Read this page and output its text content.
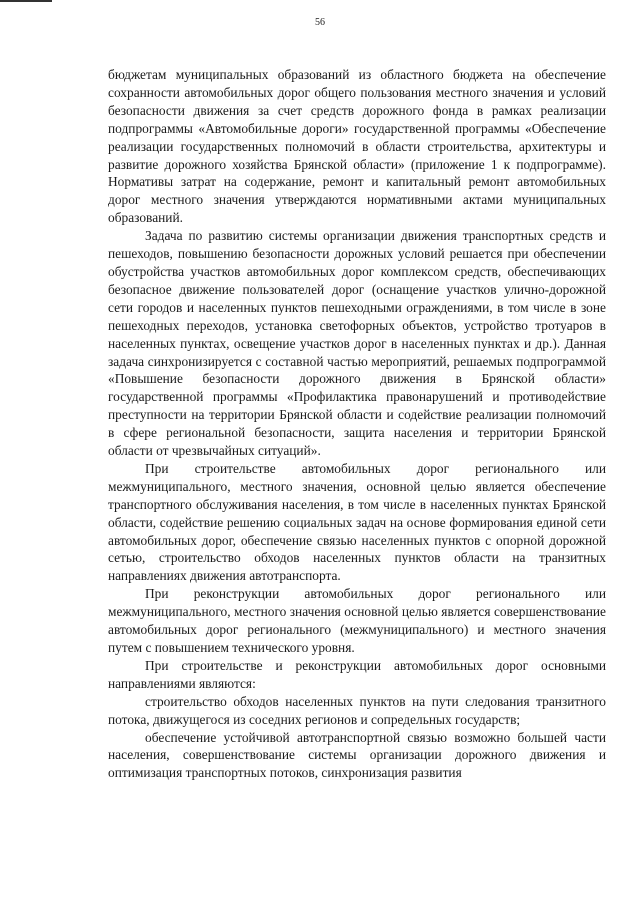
56

бюджетам муниципальных образований из областного бюджета на обеспечение сохранности автомобильных дорог общего пользования местного значения и условий безопасности движения за счет средств дорожного фонда в рамках реализации подпрограммы «Автомобильные дороги» государственной программы «Обеспечение реализации государственных полномочий в области строительства, архитектуры и развитие дорожного хозяйства Брянской области» (приложение 1 к подпрограмме). Нормативы затрат на содержание, ремонт и капитальный ремонт автомобильных дорог местного значения утверждаются нормативными актами муниципальных образований.

Задача по развитию системы организации движения транспортных средств и пешеходов, повышению безопасности дорожных условий решается при обеспечении обустройства участков автомобильных дорог комплексом средств, обеспечивающих безопасное движение пользователей дорог (оснащение участков улично-дорожной сети городов и населенных пунктов пешеходными ограждениями, в том числе в зоне пешеходных переходов, установка светофорных объектов, устройство тротуаров в населенных пунктах, освещение участков дорог в населенных пунктах и др.). Данная задача синхронизируется с составной частью мероприятий, решаемых подпрограммой «Повышение безопасности дорожного движения в Брянской области» государственной программы «Профилактика правонарушений и противодействие преступности на территории Брянской области и содействие реализации полномочий в сфере региональной безопасности, защита населения и территории Брянской области от чрезвычайных ситуаций».

При строительстве автомобильных дорог регионального или межмуниципального, местного значения, основной целью является обеспечение транспортного обслуживания населения, в том числе в населенных пунктах Брянской области, содействие решению социальных задач на основе формирования единой сети автомобильных дорог, обеспечение связью населенных пунктов с опорной дорожной сетью, строительство обходов населенных пунктов области на транзитных направлениях движения автотранспорта.

При реконструкции автомобильных дорог регионального или межмуниципального, местного значения основной целью является совершенствование автомобильных дорог регионального (межмуниципального) и местного значения путем с повышением технического уровня.

При строительстве и реконструкции автомобильных дорог основными направлениями являются:

строительство обходов населенных пунктов на пути следования транзитного потока, движущегося из соседних регионов и сопредельных государств;

обеспечение устойчивой автотранспортной связью возможно большей части населения, совершенствование системы организации дорожного движения и оптимизация транспортных потоков, синхронизация развития
